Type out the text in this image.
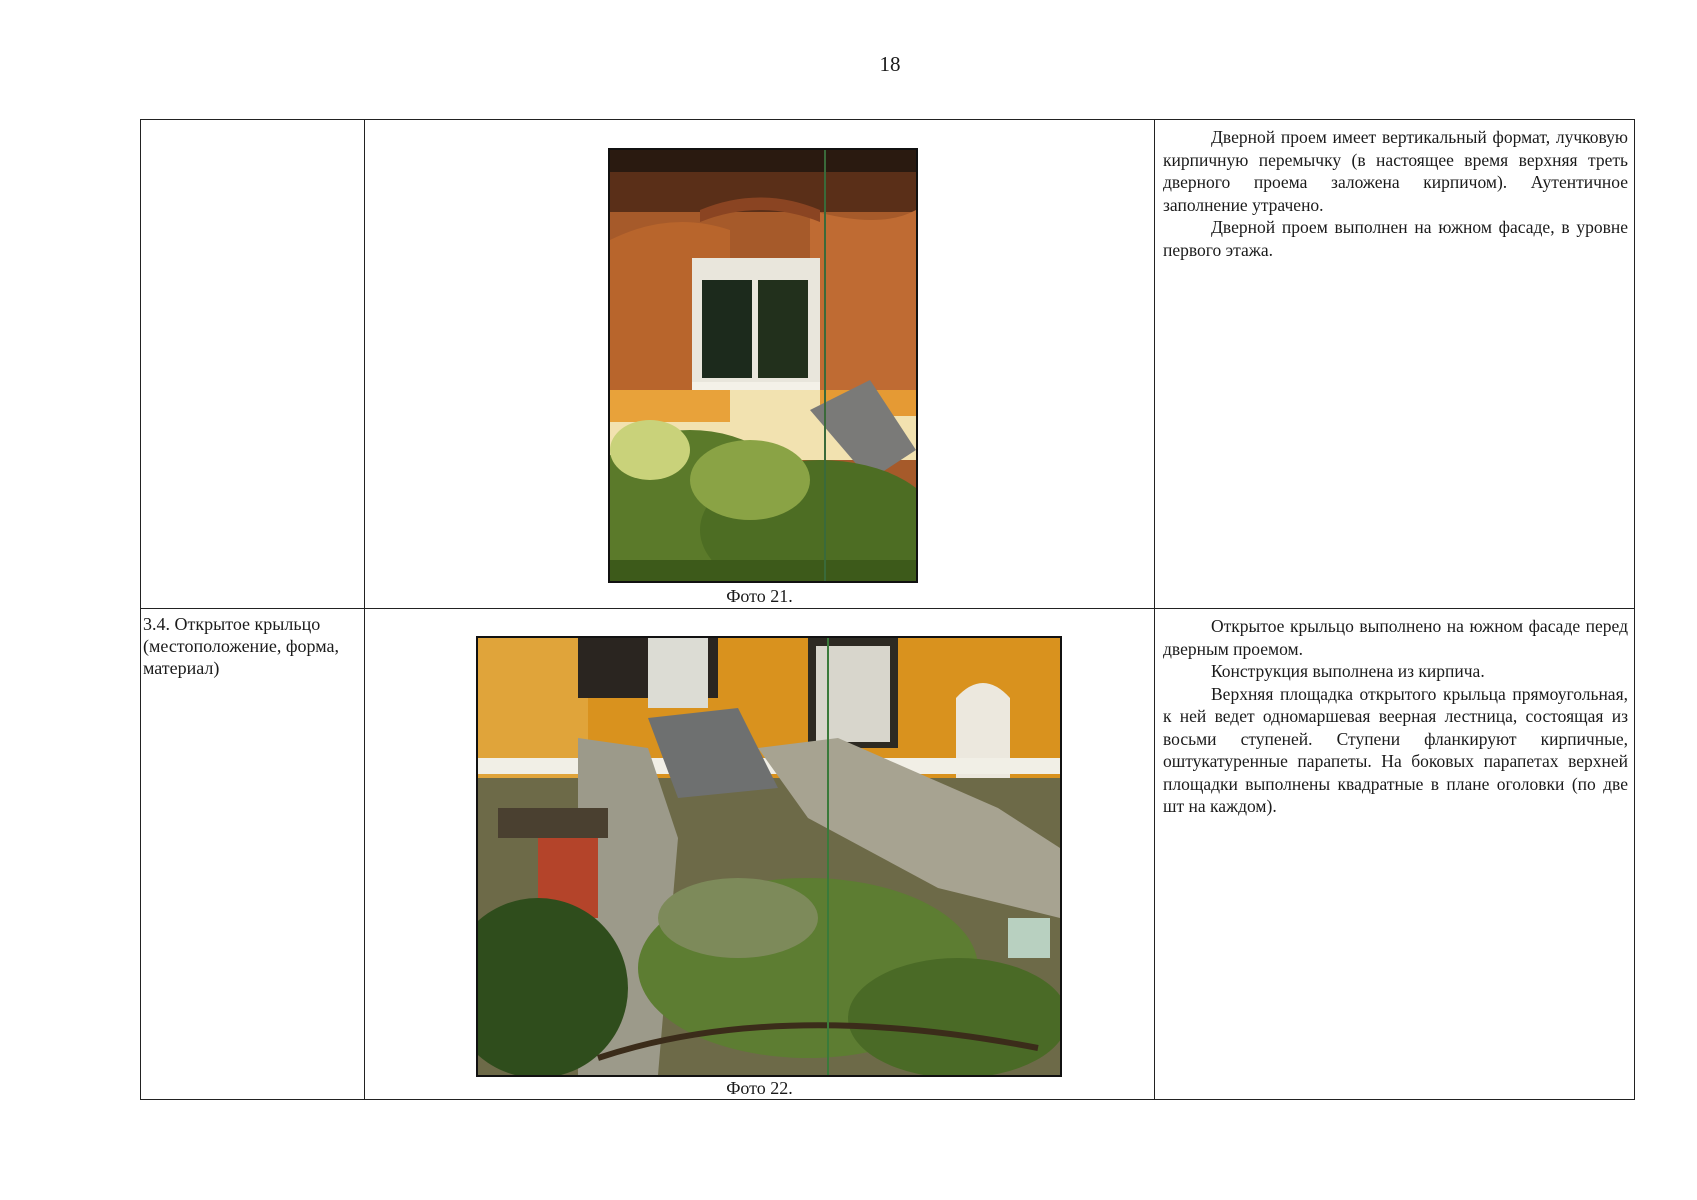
18

	Фото 21.	Дверной проем имеет вертикальный формат, лучковую кирпичную перемычку (в настоящее время верхняя треть дверного проема заложена кирпичом). Аутентичное заполнение утрачено.

Дверной проем выполнен на южном фасаде, в уровне первого этажа.

3.4. Открытое крыльцо (местоположение, форма, материал)	Фото 22.	Открытое крыльцо выполнено на южном фасаде перед дверным проемом.

Конструкция выполнена из кирпича.

Верхняя площадка открытого крыльца прямоугольная, к ней ведет одномаршевая веерная лестница, состоящая из восьми ступеней. Ступени фланкируют кирпичные, оштукатуренные парапеты. На боковых парапетах верхней площадки выполнены квадратные в плане оголовки (по две шт на каждом).
